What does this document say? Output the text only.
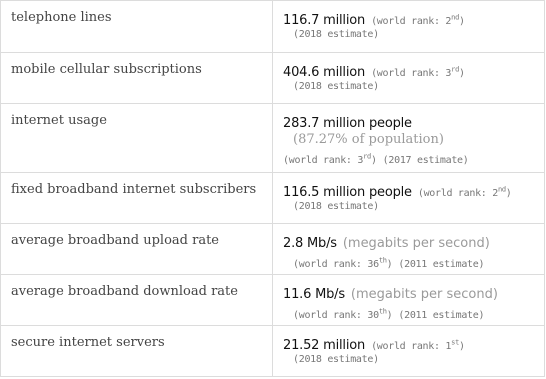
telephone lines	116.7 million (world rank: 2nd)
(2018 estimate)

mobile cellular subscriptions	404.6 million (world rank: 3rd)
(2018 estimate)

internet usage	283.7 million people
(87.27% of population)
(world rank: 3rd) (2017 estimate)

fixed broadband internet subscribers	116.5 million people (world rank: 2nd)
(2018 estimate)

average broadband upload rate	2.8 Mb/s (megabits per second)
(world rank: 36th) (2011 estimate)

average broadband download rate	11.6 Mb/s (megabits per second)
(world rank: 30th) (2011 estimate)

secure internet servers	21.52 million (world rank: 1st)
(2018 estimate)
